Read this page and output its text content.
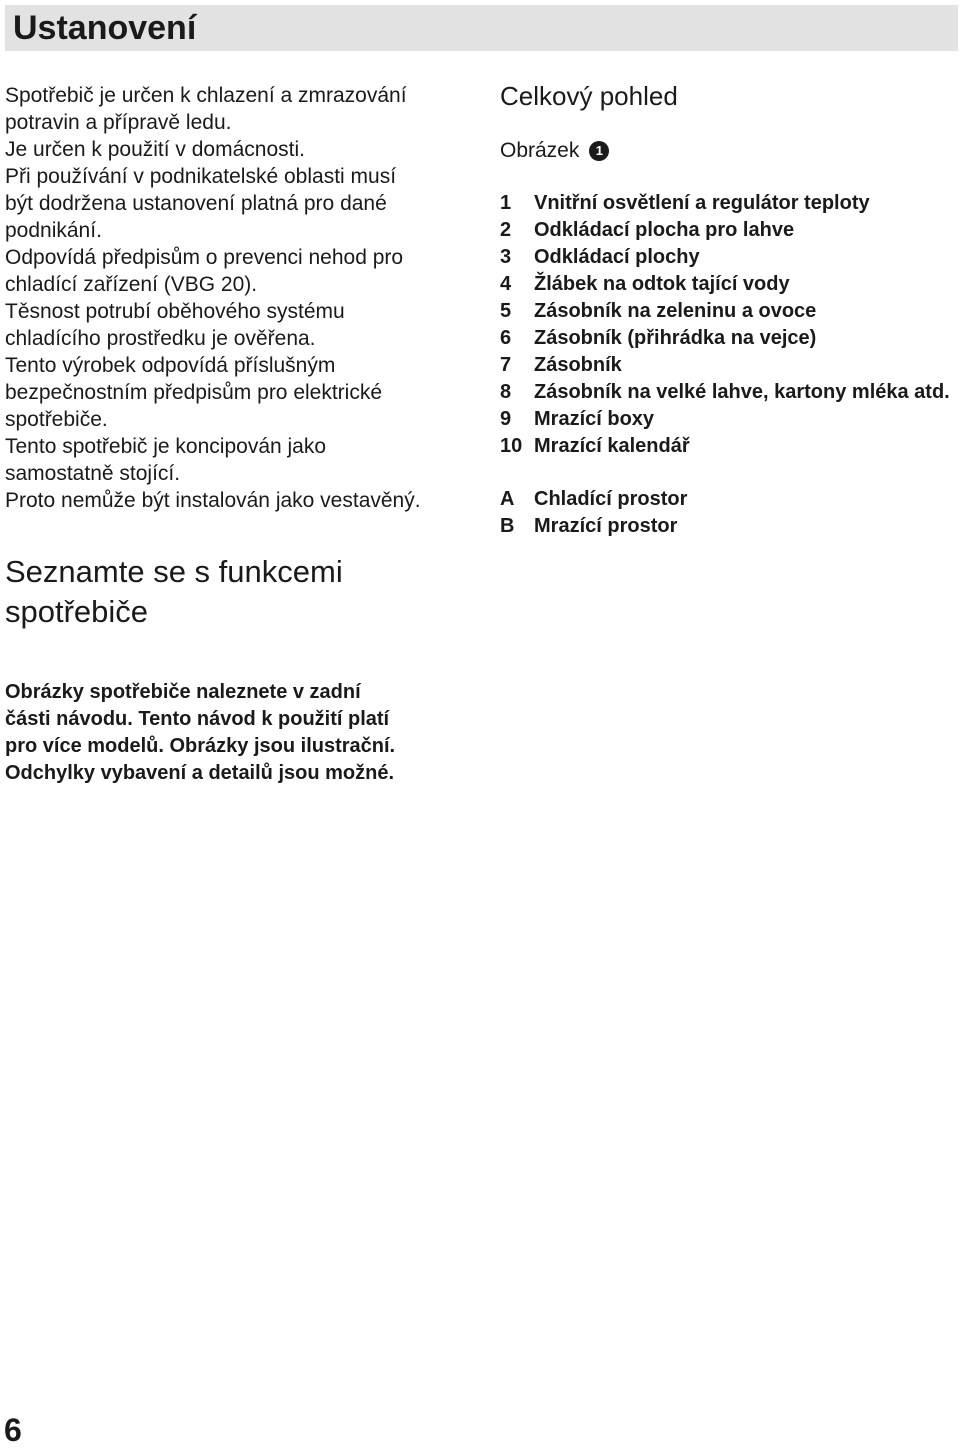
Ustanovení

Spotřebič je určen k chlazení a zmrazování

potravin a přípravě ledu.

Je určen k použití v domácnosti.

Při používání v podnikatelské oblasti musí

být dodržena ustanovení platná pro dané

podnikání.

Odpovídá předpisům o prevenci nehod pro

chladící zařízení (VBG 20).

Těsnost potrubí oběhového systému

chladícího prostředku je ověřena.

Tento výrobek odpovídá příslušným

bezpečnostním předpisům pro elektrické

spotřebiče.

Tento spotřebič je koncipován jako

samostatně stojící.

Proto nemůže být instalován jako vestavěný.

Seznamte se s funkcemi
spotřebiče
Obrázky spotřebiče naleznete v zadní
části návodu. Tento návod k použití platí
pro více modelů. Obrázky jsou ilustrační.
Odchylky vybavení a detailů jsou možné.
Celkový pohled
Obrázek	1
1	Vnitřní osvětlení a regulátor teploty
2	Odkládací plocha pro lahve
3	Odkládací plochy
4	Žlábek na odtok tající vody
5	Zásobník na zeleninu a ovoce
6	Zásobník (přihrádka na vejce)
7	Zásobník
8	Zásobník na velké lahve, kartony mléka atd.
9	Mrazící boxy
10 Mrazící kalendář
A Chladící prostor
B Mrazící prostor
6
